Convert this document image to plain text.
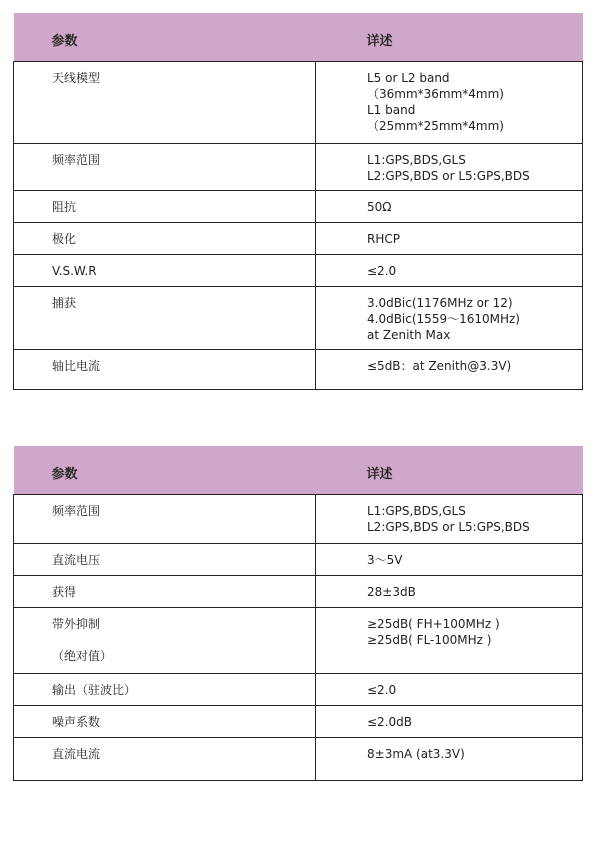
参数	详述

天线模型	L5 or L2 band
（36mm*36mm*4mm)
L1 band
（25mm*25mm*4mm)

频率范围	L1:GPS,BDS,GLS
L2:GPS,BDS or L5:GPS,BDS

阻抗	50Ω

极化	RHCP

V.S.W.R	≤2.0

捕获	3.0dBic(1176MHz or 12)
4.0dBic(1559～1610MHz)
at Zenith Max

轴比电流	≤5dB：at Zenith@3.3V)
参数	详述

频率范围	L1:GPS,BDS,GLS
L2:GPS,BDS or L5:GPS,BDS

直流电压	3～5V

获得	28±3dB

带外抑制
（绝对值）	≥25dB( FH+100MHz )
≥25dB( FL-100MHz )

输出（驻波比）	≤2.0

噪声系数	≤2.0dB

直流电流	8±3mA (at3.3V)
